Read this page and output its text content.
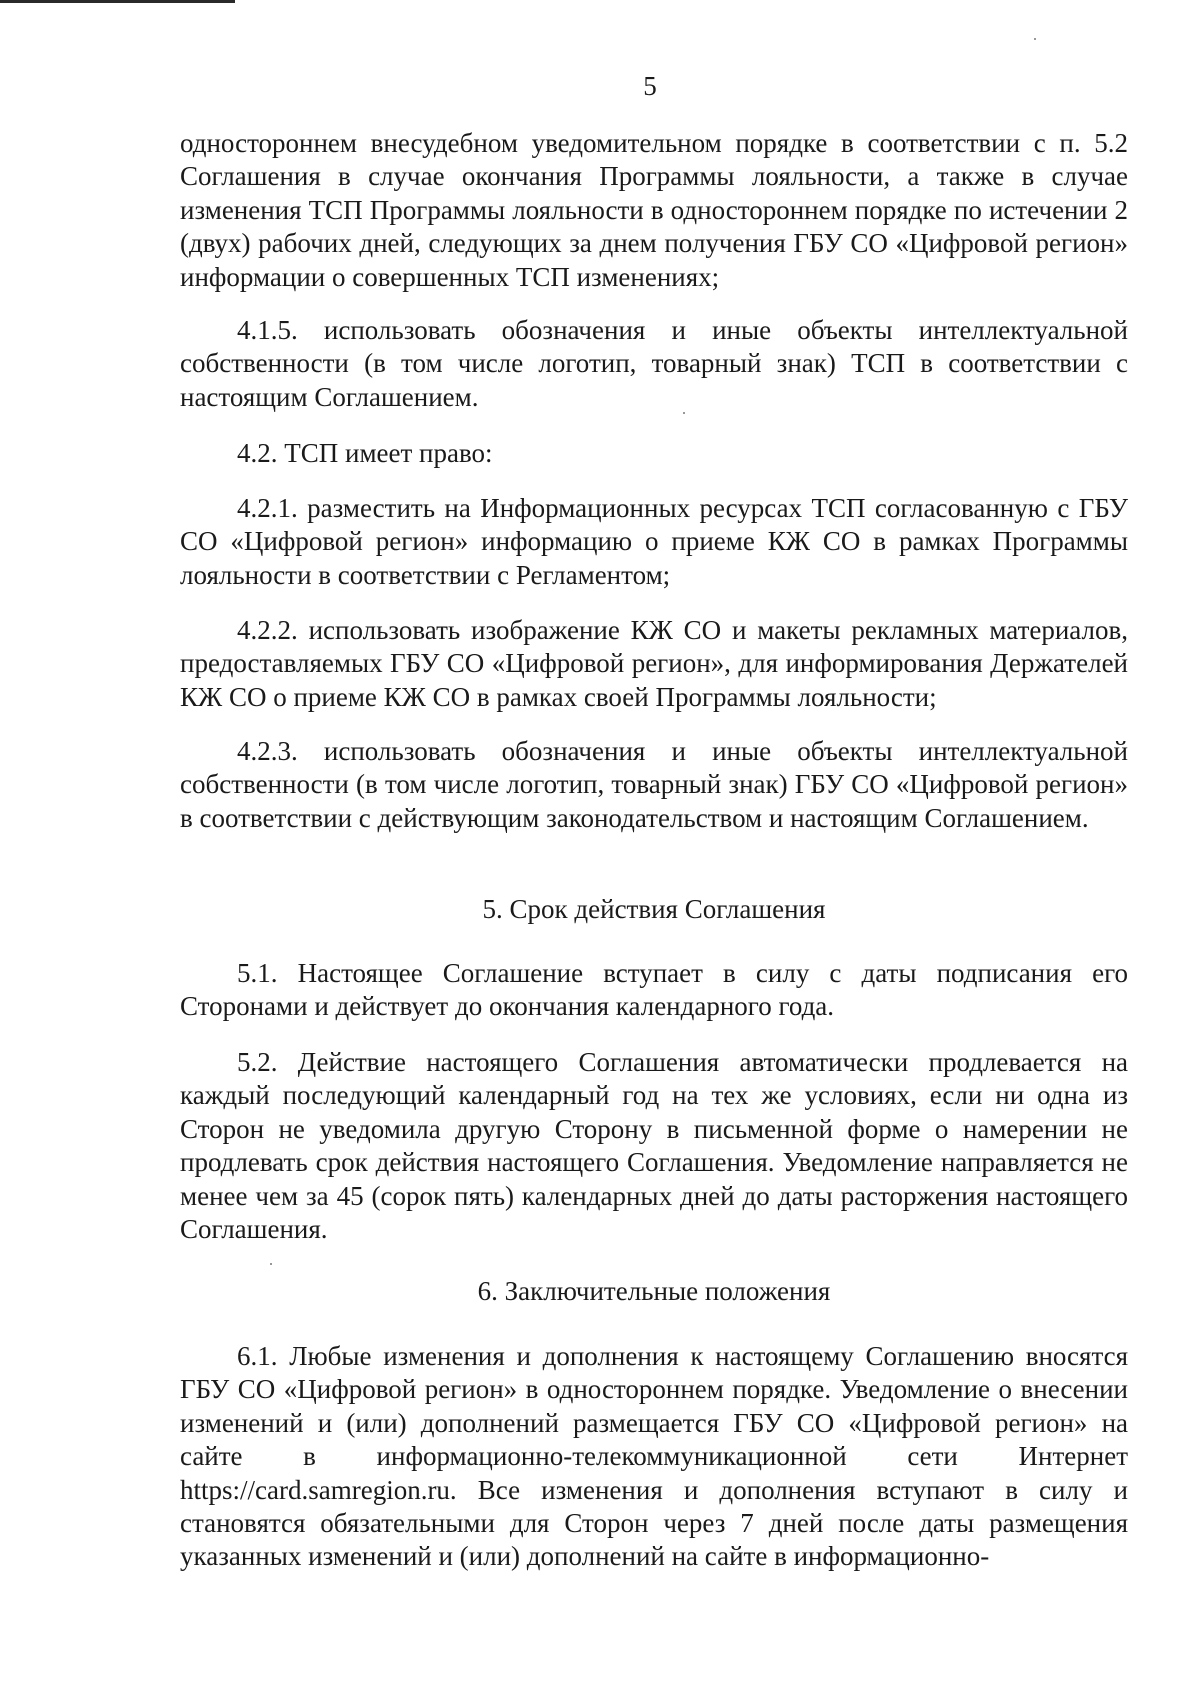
5

одностороннем внесудебном уведомительном порядке в соответствии с п. 5.2 Соглашения в случае окончания Программы лояльности, а также в случае изменения ТСП Программы лояльности в одностороннем порядке по истечении 2 (двух) рабочих дней, следующих за днем получения ГБУ СО «Цифровой регион» информации о совершенных ТСП изменениях;

4.1.5. использовать обозначения и иные объекты интеллектуальной собственности (в том числе логотип, товарный знак) ТСП в соответствии с настоящим Соглашением.

4.2. ТСП имеет право:

4.2.1. разместить на Информационных ресурсах ТСП согласованную с ГБУ СО «Цифровой регион» информацию о приеме КЖ СО в рамках Программы лояльности в соответствии с Регламентом;

4.2.2. использовать изображение КЖ СО и макеты рекламных материалов, предоставляемых ГБУ СО «Цифровой регион», для информирования Держателей КЖ СО о приеме КЖ СО в рамках своей Программы лояльности;

4.2.3. использовать обозначения и иные объекты интеллектуальной собственности (в том числе логотип, товарный знак) ГБУ СО «Цифровой регион» в соответствии с действующим законодательством и настоящим Соглашением.

5. Срок действия Соглашения

5.1. Настоящее Соглашение вступает в силу с даты подписания его Сторонами и действует до окончания календарного года.

5.2. Действие настоящего Соглашения автоматически продлевается на каждый последующий календарный год на тех же условиях, если ни одна из Сторон не уведомила другую Сторону в письменной форме о намерении не продлевать срок действия настоящего Соглашения. Уведомление направляется не менее чем за 45 (сорок пять) календарных дней до даты расторжения настоящего Соглашения.

6. Заключительные положения

6.1. Любые изменения и дополнения к настоящему Соглашению вносятся ГБУ СО «Цифровой регион» в одностороннем порядке. Уведомление о внесении изменений и (или) дополнений размещается ГБУ СО «Цифровой регион» на сайте в информационно-телекоммуникационной сети Интернет https://card.samregion.ru. Все изменения и дополнения вступают в силу и становятся обязательными для Сторон через 7 дней после даты размещения указанных изменений и (или) дополнений на сайте в информационно-
